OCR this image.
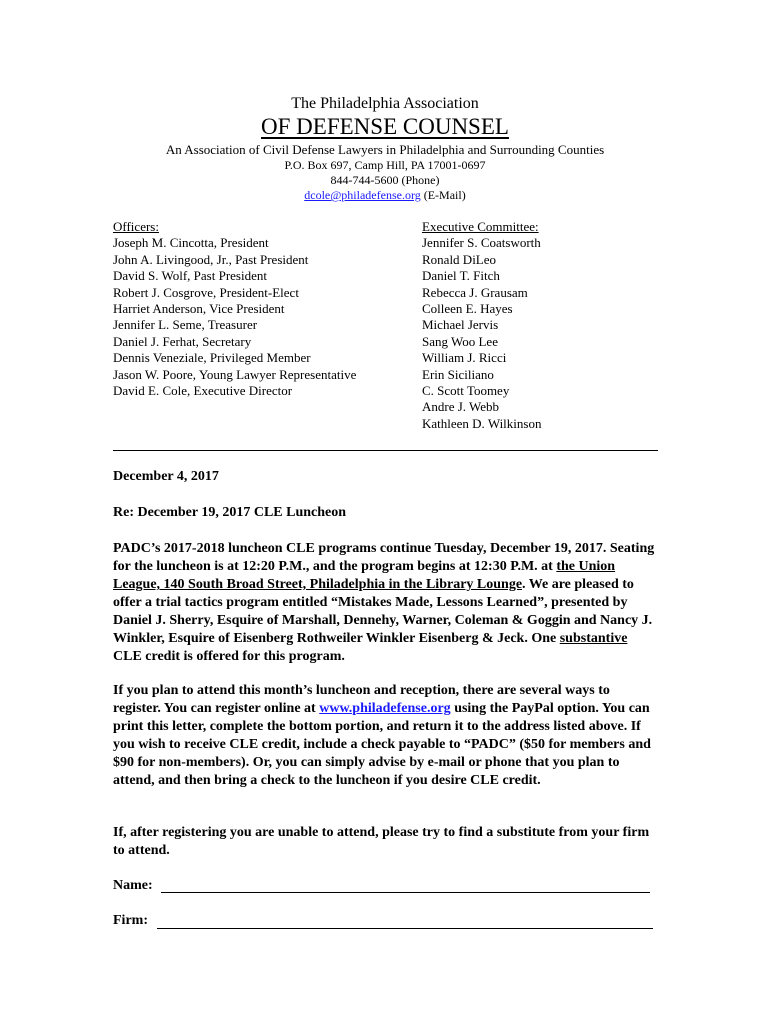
The Philadelphia Association
OF DEFENSE COUNSEL
An Association of Civil Defense Lawyers in Philadelphia and Surrounding Counties
P.O. Box 697, Camp Hill, PA 17001-0697
844-744-5600 (Phone)
dcole@philadefense.org (E-Mail)
Officers:
Joseph M. Cincotta, President
John A. Livingood, Jr., Past President
David S. Wolf, Past President
Robert J. Cosgrove, President-Elect
Harriet Anderson, Vice President
Jennifer L. Seme, Treasurer
Daniel J. Ferhat, Secretary
Dennis Veneziale, Privileged Member
Jason W. Poore, Young Lawyer Representative
David E. Cole, Executive Director
Executive Committee:
Jennifer S. Coatsworth
Ronald DiLeo
Daniel T. Fitch
Rebecca J. Grausam
Colleen E. Hayes
Michael Jervis
Sang Woo Lee
William J. Ricci
Erin Siciliano
C. Scott Toomey
Andre J. Webb
Kathleen D. Wilkinson
December 4, 2017
Re: December 19, 2017 CLE Luncheon
PADC’s 2017-2018 luncheon CLE programs continue Tuesday, December 19, 2017. Seating for the luncheon is at 12:20 P.M., and the program begins at 12:30 P.M. at the Union League, 140 South Broad Street, Philadelphia in the Library Lounge. We are pleased to offer a trial tactics program entitled “Mistakes Made, Lessons Learned”, presented by Daniel J. Sherry, Esquire of Marshall, Dennehy, Warner, Coleman & Goggin and Nancy J. Winkler, Esquire of Eisenberg Rothweiler Winkler Eisenberg & Jeck. One substantive CLE credit is offered for this program.
If you plan to attend this month’s luncheon and reception, there are several ways to register. You can register online at www.philadefense.org using the PayPal option. You can print this letter, complete the bottom portion, and return it to the address listed above. If you wish to receive CLE credit, include a check payable to “PADC” ($50 for members and $90 for non-members). Or, you can simply advise by e-mail or phone that you plan to attend, and then bring a check to the luncheon if you desire CLE credit.
If, after registering you are unable to attend, please try to find a substitute from your firm to attend.
Name:
Firm:
